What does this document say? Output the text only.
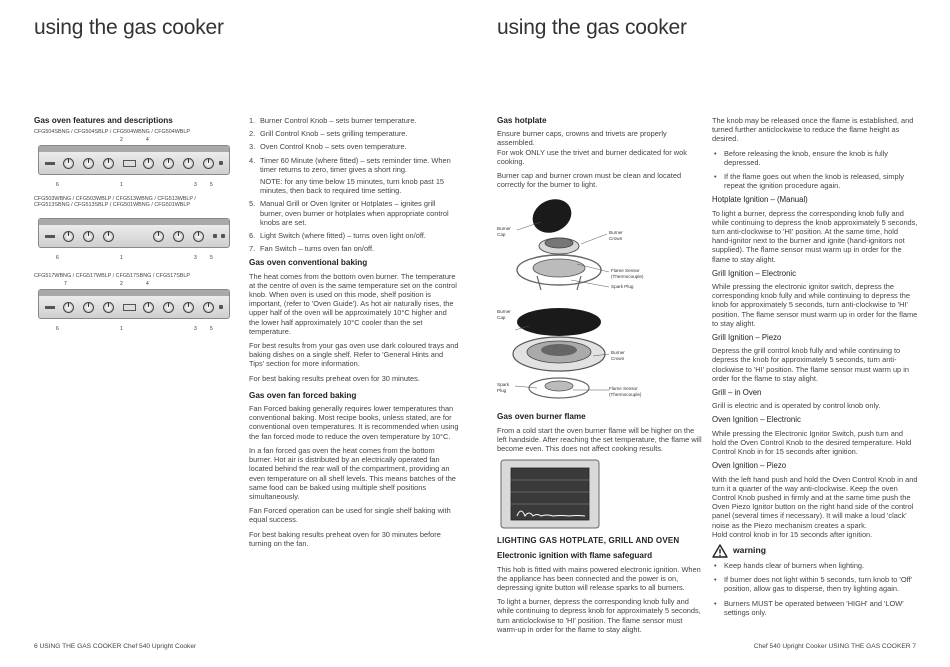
using the gas cooker	using the gas cooker
Gas oven features and descriptions
CFG504SBNG / CFG504SBLP / CFG504WBNG / CFG504WBLP
2	4
6	1	3	5
CFG503WBNG / CFG503WBLP / CFG513WBNG / CFG513WBLP /
CFG513SBNG / CFG513SBLP / CFG501WBNG / CFG501WBLP
6	1	3	5
CFG517WBNG / CFG517WBLP / CFG517SBNG / CFG517SBLP
7	2	4
6	1	3	5
1. Burner Control Knob – sets burner temperature.
2. Grill Control Knob – sets grilling temperature.
3. Oven Control Knob – sets oven temperature.
4. Timer 60 Minute (where fitted) – sets reminder time. When timer returns to zero, timer gives a short ring.
NOTE: for any time below 15 minutes, turn knob past 15 minutes, then back to required time setting.
5. Manual Grill or Oven Igniter or Hotplates – ignites grill burner, oven burner or hotplates when appropriate control knobs are set.
6. Light Switch (where fitted) – turns oven light on/off.
7. Fan Switch – turns oven fan on/off.
Gas oven conventional baking

The heat comes from the bottom oven burner. The temperature at the centre of oven is the same temperature set on the control knob. When oven is used on this mode, shelf position is important, (refer to 'Oven Guide'). As hot air naturally rises, the upper half of the oven will be approximately 10°C higher and the lower half approximately 10°C cooler than the set temperature.

For best results from your gas oven use dark coloured trays and baking dishes on a single shelf. Refer to 'General Hints and Tips' section for more information.

For best baking results preheat oven for 30 minutes.

Gas oven fan forced baking

Fan Forced baking generally requires lower temperatures than conventional baking. Most recipe books, unless stated, are for conventional oven temperatures. It is recommended when using the fan forced mode to reduce the oven temperature by 10°C.

In a fan forced gas oven the heat comes from the bottom burner. Hot air is distributed by an electrically operated fan located behind the rear wall of the compartment, providing an even temperature on all shelf levels. This means batches of the same food can be baked using multiple shelf positions simultaneously.

Fan Forced operation can be used for single shelf baking with equal success.

For best baking results preheat oven for 30 minutes before turning on the fan.

Gas hotplate

Ensure burner caps, crowns and trivets are properly assembled.

For wok ONLY use the trivet and burner dedicated for wok cooking.

Burner cap and burner crown must be clean and located correctly for the burner to light.

Burner Cap	Burner Crown
Flame Sensor (Thermocouple)
Spark Plug
Burner Cap
Burner Crown
Spark Plug	Flame Sensor (Thermocouple)
Gas oven burner flame

From a cold start the oven burner flame will be higher on the left handside. After reaching the set temperature, the flame will become even. This does not affect cooking results.

LIGHTING GAS HOTPLATE, GRILL AND OVEN
Electronic ignition with flame safeguard

This hob is fitted with mains powered electronic ignition. When the appliance has been connected and the power is on, depressing ignite button will release sparks to all burners.

To light a burner, depress the corresponding knob fully and while continuing to depress knob for approximately 5 seconds, turn anticlockwise to 'HI' position. The flame sensor must warm-up in order for the flame to stay alight.

The knob may be released once the flame is established, and turned further anticlockwise to reduce the flame height as desired.

• Before releasing the knob, ensure the knob is fully depressed.
• If the flame goes out when the knob is released, simply repeat the ignition procedure again.
Hotplate Ignition – (Manual)

To light a burner, depress the corresponding knob fully and while continuing to depress the knob approximately 5 seconds, turn anti-clockwise to 'HI' position. At the same time, hold hand-ignitor next to the burner and ignite (hand-ignitors not supplied). The flame sensor must warm up in order for the flame to stay alight.

Grill Ignition – Electronic

While pressing the electronic ignitor switch, depress the corresponding knob fully and while continuing to depress the knob for approximately 5 seconds, turn anti-clockwise to 'HI' position. The flame sensor must warm up in order for the flame to stay alight.

Grill Ignition – Piezo

Depress the grill control knob fully and while continuing to depress the knob for approximately 5 seconds, turn anti-clockwise to 'HI' position. The flame sensor must warm up in order for the flame to stay alight.

Grill – in Oven

Grill is electric and is operated by control knob only.

Oven Ignition – Electronic

While pressing the Electronic Ignitor Switch, push turn and hold the Oven Control Knob to the desired temperature. Hold Control Knob in for 15 seconds after ignition.

Oven Ignition – Piezo

With the left hand push and hold the Oven Control Knob in and turn it a quarter of the way anti-clockwise. Keep the oven Control Knob pushed in firmly and at the same time push the Oven Piezo Ignitor button on the right hand side of the control panel (several times if necessary). It will make a loud 'clack' noise as the Piezo mechanism creates a spark.

Hold control knob in for 15 seconds after ignition.

warning
• Keep hands clear of burners when lighting.
• If burner does not light within 5 seconds, turn knob to 'Off' position, allow gas to disperse, then try lighting again.
• Burners MUST be operated between 'HIGH' and 'LOW' settings only.
6 USING THE GAS COOKER Chef 540 Upright Cooker	Chef 540 Upright Cooker USING THE GAS COOKER 7
